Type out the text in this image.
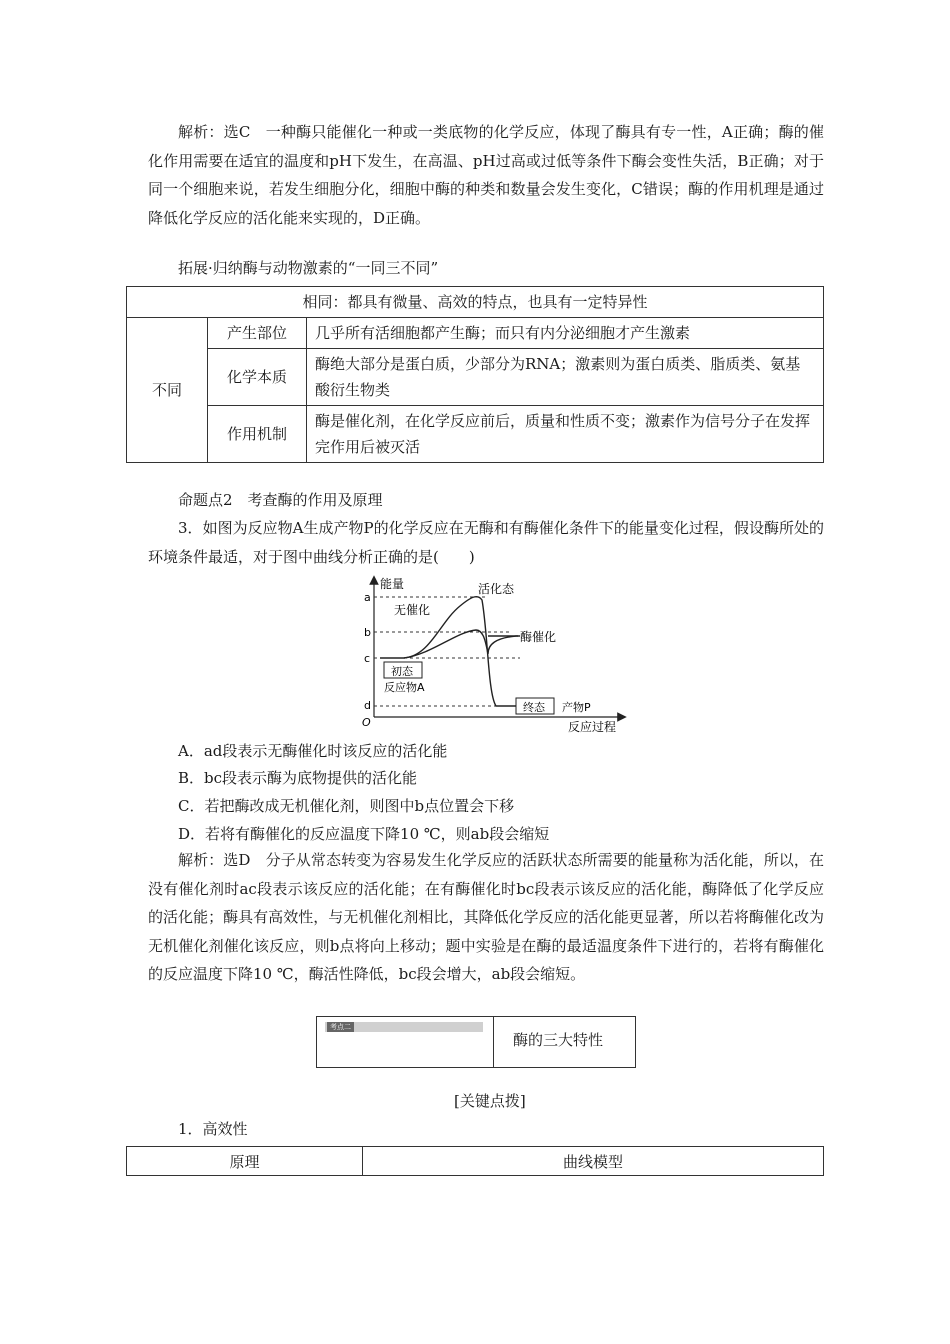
解析：选C　一种酶只能催化一种或一类底物的化学反应，体现了酶具有专一性，A正确；酶的催化作用需要在适宜的温度和pH下发生，在高温、pH过高或过低等条件下酶会变性失活，B正确；对于同一个细胞来说，若发生细胞分化，细胞中酶的种类和数量会发生变化，C错误；酶的作用机理是通过降低化学反应的活化能来实现的，D正确。

拓展·归纳酶与动物激素的“一同三不同”
相同：都具有微量、高效的特点，也具有一定特异性		
不同	产生部位	几乎所有活细胞都产生酶；而只有内分泌细胞才产生激素
	化学本质	酶绝大部分是蛋白质，少部分为RNA；激素则为蛋白质类、脂质类、氨基酸衍生物类
	作用机制	酶是催化剂，在化学反应前后，质量和性质不变；激素作为信号分子在发挥完作用后被灭活
命题点2　考查酶的作用及原理

3．如图为反应物A生成产物P的化学反应在无酶和有酶催化条件下的能量变化过程，假设酶所处的环境条件最适，对于图中曲线分析正确的是(　　)

能量
反应过程
O
a
b
c
d
活化态
无催化
酶催化
初态
反应物A
终态 产物P
A．ad段表示无酶催化时该反应的活化能
B．bc段表示酶为底物提供的活化能
C．若把酶改成无机催化剂，则图中b点位置会下移
D．若将有酶催化的反应温度下降10 ℃，则ab段会缩短

解析：选D　分子从常态转变为容易发生化学反应的活跃状态所需要的能量称为活化能，所以，在没有催化剂时ac段表示该反应的活化能；在有酶催化时bc段表示该反应的活化能，酶降低了化学反应的活化能；酶具有高效性，与无机催化剂相比，其降低化学反应的活化能更显著，所以若将酶催化改为无机催化剂催化该反应，则b点将向上移动；题中实验是在酶的最适温度条件下进行的，若将有酶催化的反应温度下降10 ℃，酶活性降低，bc段会增大，ab段会缩短。

考点二
酶的三大特性
[关键点拨]
1．高效性
原理	曲线模型
